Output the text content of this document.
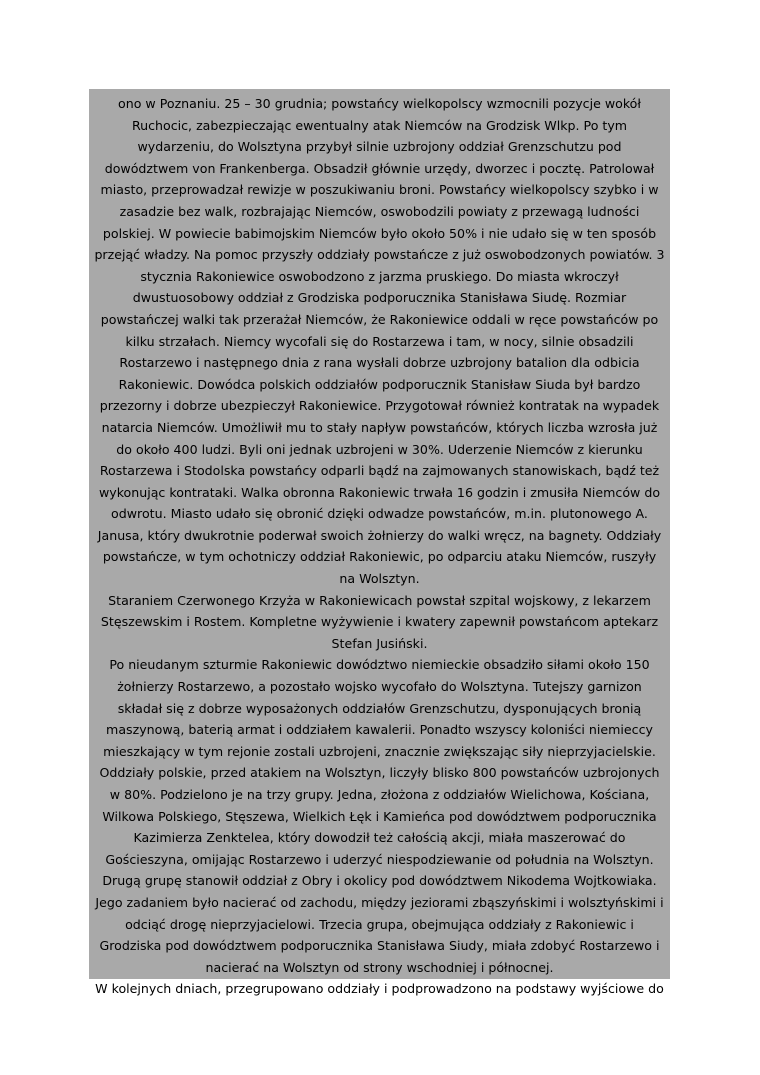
ono w Poznaniu. 25 – 30 grudnia; powstańcy wielkopolscy wzmocnili pozycje wokół
Ruchocic, zabezpieczając ewentualny atak Niemców na Grodzisk Wlkp. Po tym
wydarzeniu, do Wolsztyna przybył silnie uzbrojony oddział Grenzschutzu pod
dowództwem von Frankenberga. Obsadził głównie urzędy, dworzec i pocztę. Patrolował
miasto, przeprowadzał rewizje w poszukiwaniu broni. Powstańcy wielkopolscy szybko i w
zasadzie bez walk, rozbrajając Niemców, oswobodzili powiaty z przewagą ludności
polskiej. W powiecie babimojskim Niemców było około 50% i nie udało się w ten sposób
przejąć władzy. Na pomoc przyszły oddziały powstańcze z już oswobodzonych powiatów. 3
stycznia Rakoniewice oswobodzono z jarzma pruskiego. Do miasta wkroczył
dwustuosobowy oddział z Grodziska podporucznika Stanisława Siudę. Rozmiar
powstańczej walki tak przerażał Niemców, że Rakoniewice oddali w ręce powstańców po
kilku strzałach. Niemcy wycofali się do Rostarzewa i tam, w nocy, silnie obsadzili
Rostarzewo i następnego dnia z rana wysłali dobrze uzbrojony batalion dla odbicia
Rakoniewic. Dowódca polskich oddziałów podporucznik Stanisław Siuda był bardzo
przezorny i dobrze ubezpieczył Rakoniewice. Przygotował również kontratak na wypadek
natarcia Niemców. Umożliwił mu to stały napływ powstańców, których liczba wzrosła już
do około 400 ludzi. Byli oni jednak uzbrojeni w 30%. Uderzenie Niemców z kierunku
Rostarzewa i Stodolska powstańcy odparli bądź na zajmowanych stanowiskach, bądź też
wykonując kontrataki. Walka obronna Rakoniewic trwała 16 godzin i zmusiła Niemców do
odwrotu. Miasto udało się obronić dzięki odwadze powstańców, m.in. plutonowego A.
Janusa, który dwukrotnie poderwał swoich żołnierzy do walki wręcz, na bagnety. Oddziały
powstańcze, w tym ochotniczy oddział Rakoniewic, po odparciu ataku Niemców, ruszyły
na Wolsztyn.

Staraniem Czerwonego Krzyża w Rakoniewicach powstał szpital wojskowy, z lekarzem
Stęszewskim i Rostem. Kompletne wyżywienie i kwatery zapewnił powstańcom aptekarz
Stefan Jusiński.

Po nieudanym szturmie Rakoniewic dowództwo niemieckie obsadziło siłami około 150
żołnierzy Rostarzewo, a pozostało wojsko wycofało do Wolsztyna. Tutejszy garnizon
składał się z dobrze wyposażonych oddziałów Grenzschutzu, dysponujących bronią
maszynową, baterią armat i oddziałem kawalerii. Ponadto wszyscy koloniści niemieccy
mieszkający w tym rejonie zostali uzbrojeni, znacznie zwiększając siły nieprzyjacielskie.
Oddziały polskie, przed atakiem na Wolsztyn, liczyły blisko 800 powstańców uzbrojonych
w 80%. Podzielono je na trzy grupy. Jedna, złożona z oddziałów Wielichowa, Kościana,
Wilkowa Polskiego, Stęszewa, Wielkich Łęk i Kamieńca pod dowództwem podporucznika
Kazimierza Zenktelea, który dowodził też całością akcji, miała maszerować do
Gościeszyna, omijając Rostarzewo i uderzyć niespodziewanie od południa na Wolsztyn.
Drugą grupę stanowił oddział z Obry i okolicy pod dowództwem Nikodema Wojtkowiaka.
Jego zadaniem było nacierać od zachodu, między jeziorami zbąszyńskimi i wolsztyńskimi i
odciąć drogę nieprzyjacielowi. Trzecia grupa, obejmująca oddziały z Rakoniewic i
Grodziska pod dowództwem podporucznika Stanisława Siudy, miała zdobyć Rostarzewo i
nacierać na Wolsztyn od strony wschodniej i północnej.

W kolejnych dniach, przegrupowano oddziały i podprowadzono na podstawy wyjściowe do
